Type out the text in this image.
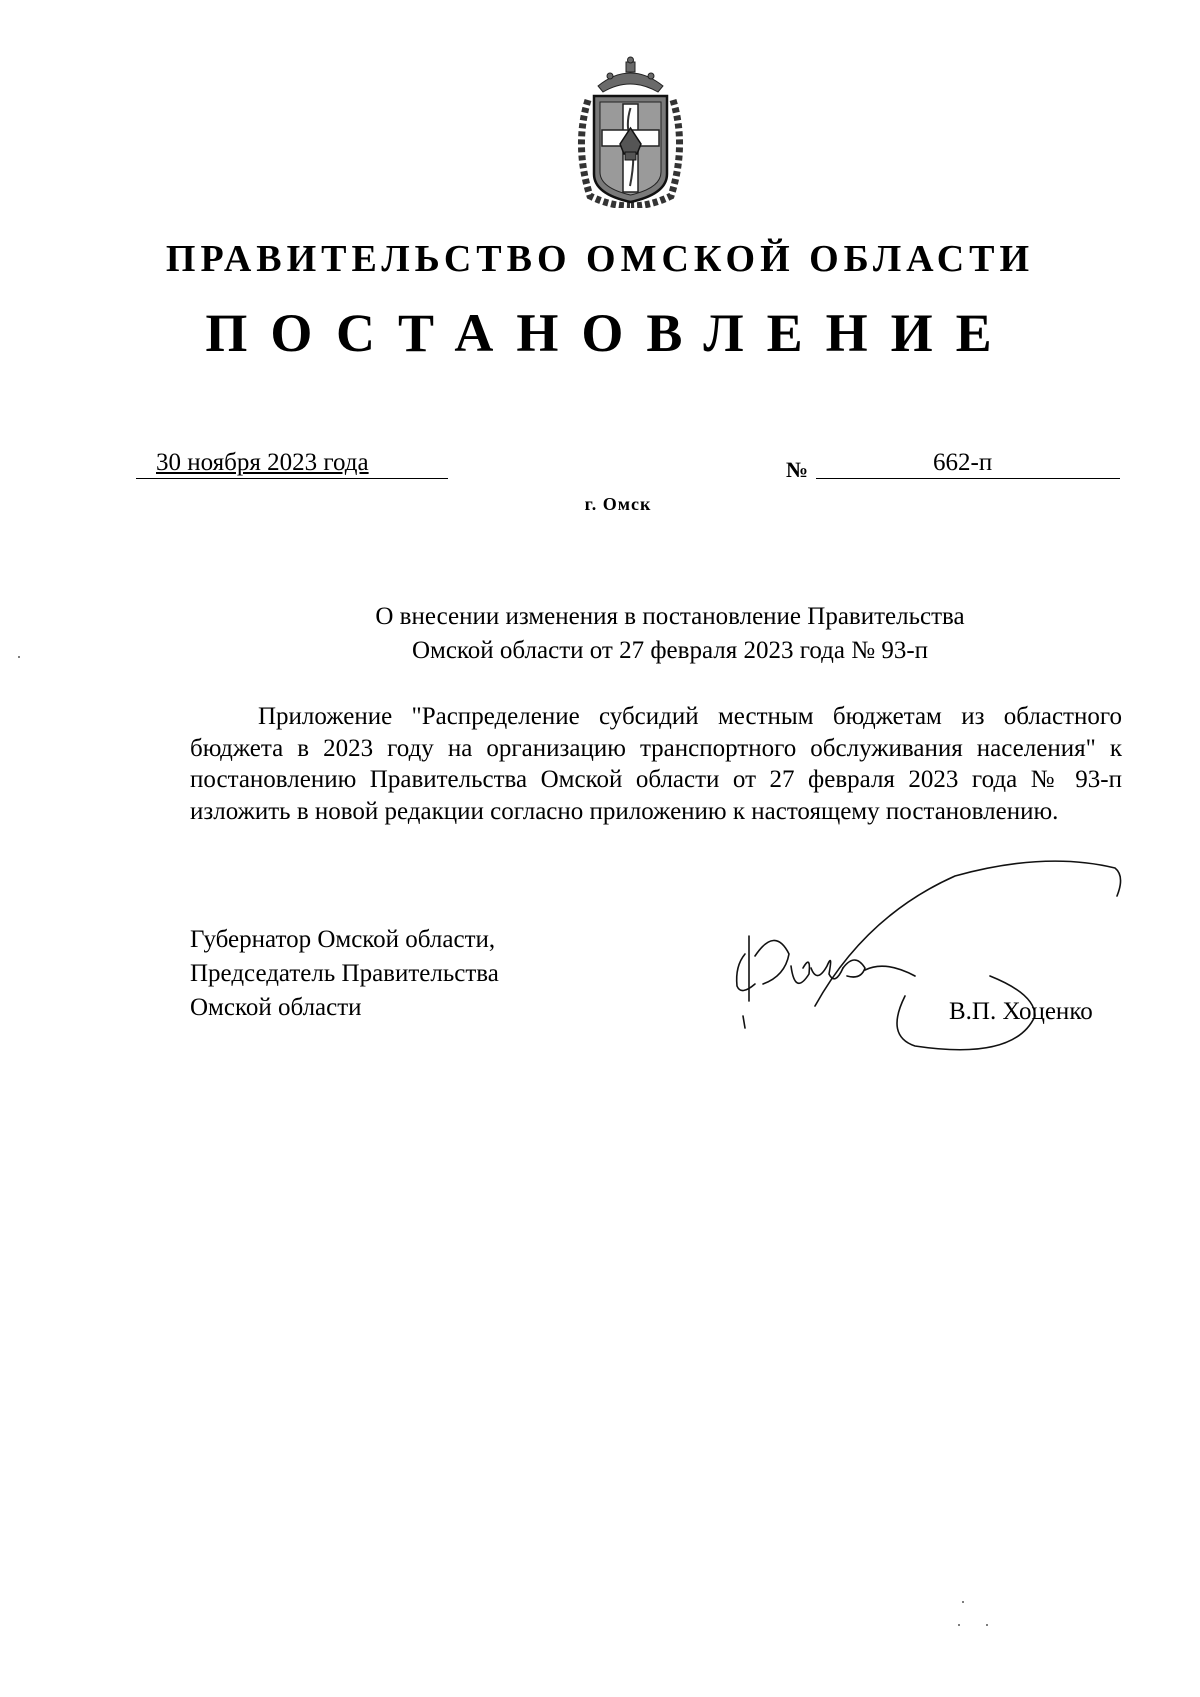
ПРАВИТЕЛЬСТВО ОМСКОЙ ОБЛАСТИ
ПОСТАНОВЛЕНИЕ
30 ноября 2023 года	№	662-п
г. Омск
О внесении изменения в постановление Правительства
Омской области от 27 февраля 2023 года № 93-п
Приложение "Распределение субсидий местным бюджетам из областного бюджета в 2023 году на организацию транспортного обслуживания населения" к постановлению Правительства Омской области от 27 февраля 2023 года № 93-п изложить в новой редакции согласно приложению к настоящему постановлению.
Губернатор Омской области,
Председатель Правительства
Омской области	В.П. Хоценко
